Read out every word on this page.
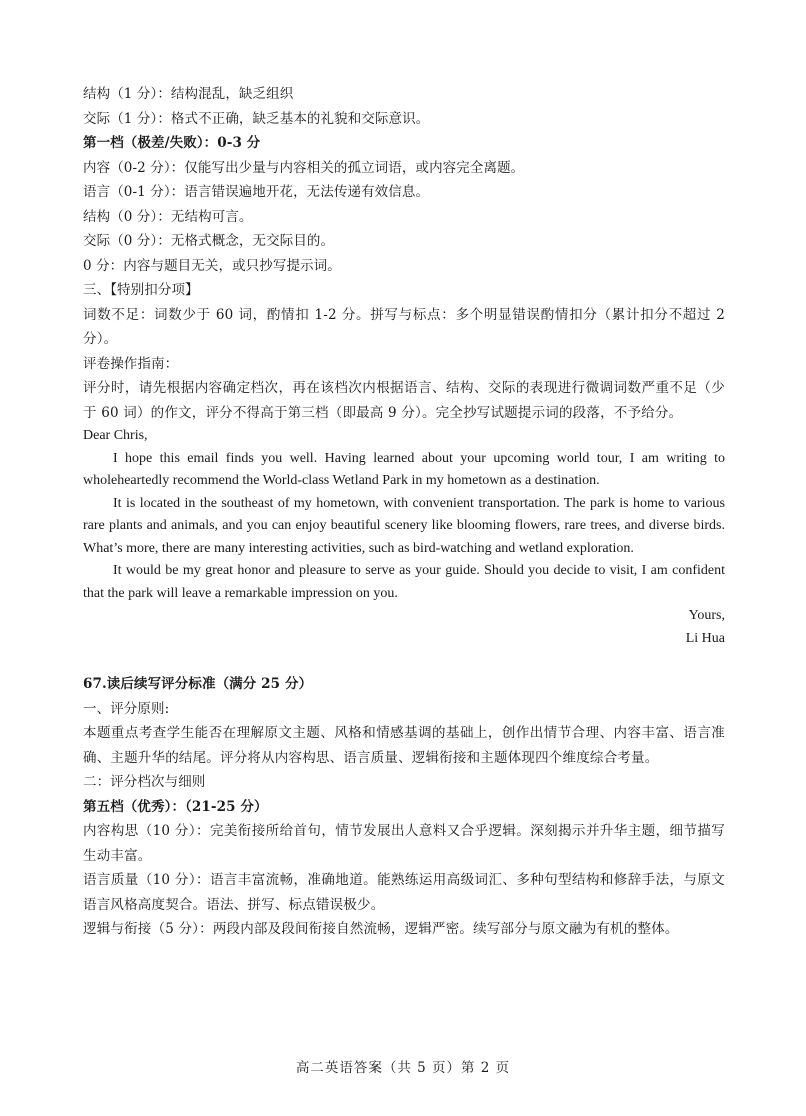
结构（1 分）：结构混乱，缺乏组织
交际（1 分）：格式不正确，缺乏基本的礼貌和交际意识。
第一档（极差/失败）：0-3 分
内容（0-2 分）：仅能写出少量与内容相关的孤立词语，或内容完全离题。
语言（0-1 分）：语言错误遍地开花，无法传递有效信息。
结构（0 分）：无结构可言。
交际（0 分）：无格式概念，无交际目的。
0 分：内容与题目无关，或只抄写提示词。
三、【特别扣分项】
词数不足：词数少于 60 词，酌情扣 1-2 分。拼写与标点：多个明显错误酌情扣分（累计扣分不超过 2 分）。
评卷操作指南：
评分时，请先根据内容确定档次，再在该档次内根据语言、结构、交际的表现进行微调词数严重不足（少于 60 词）的作文，评分不得高于第三档（即最高 9 分）。完全抄写试题提示词的段落，不予给分。
Dear Chris,
I hope this email finds you well. Having learned about your upcoming world tour, I am writing to wholeheartedly recommend the World-class Wetland Park in my hometown as a destination.
It is located in the southeast of my hometown, with convenient transportation. The park is home to various rare plants and animals, and you can enjoy beautiful scenery like blooming flowers, rare trees, and diverse birds. What’s more, there are many interesting activities, such as bird-watching and wetland exploration.
It would be my great honor and pleasure to serve as your guide. Should you decide to visit, I am confident that the park will leave a remarkable impression on you.
Yours,
Li Hua
67.读后续写评分标准（满分 25 分）
一、评分原则:
本题重点考查学生能否在理解原文主题、风格和情感基调的基础上，创作出情节合理、内容丰富、语言准确、主题升华的结尾。评分将从内容构思、语言质量、逻辑衔接和主题体现四个维度综合考量。
二：评分档次与细则
第五档（优秀）：（21-25 分）
内容构思（10 分）：完美衔接所给首句，情节发展出人意料又合乎逻辑。深刻揭示并升华主题，细节描写生动丰富。
语言质量（10 分）：语言丰富流畅，准确地道。能熟练运用高级词汇、多种句型结构和修辞手法，与原文语言风格高度契合。语法、拼写、标点错误极少。
逻辑与衔接（5 分）：两段内部及段间衔接自然流畅，逻辑严密。续写部分与原文融为有机的整体。
高二英语答案（共 5 页）第 2 页
